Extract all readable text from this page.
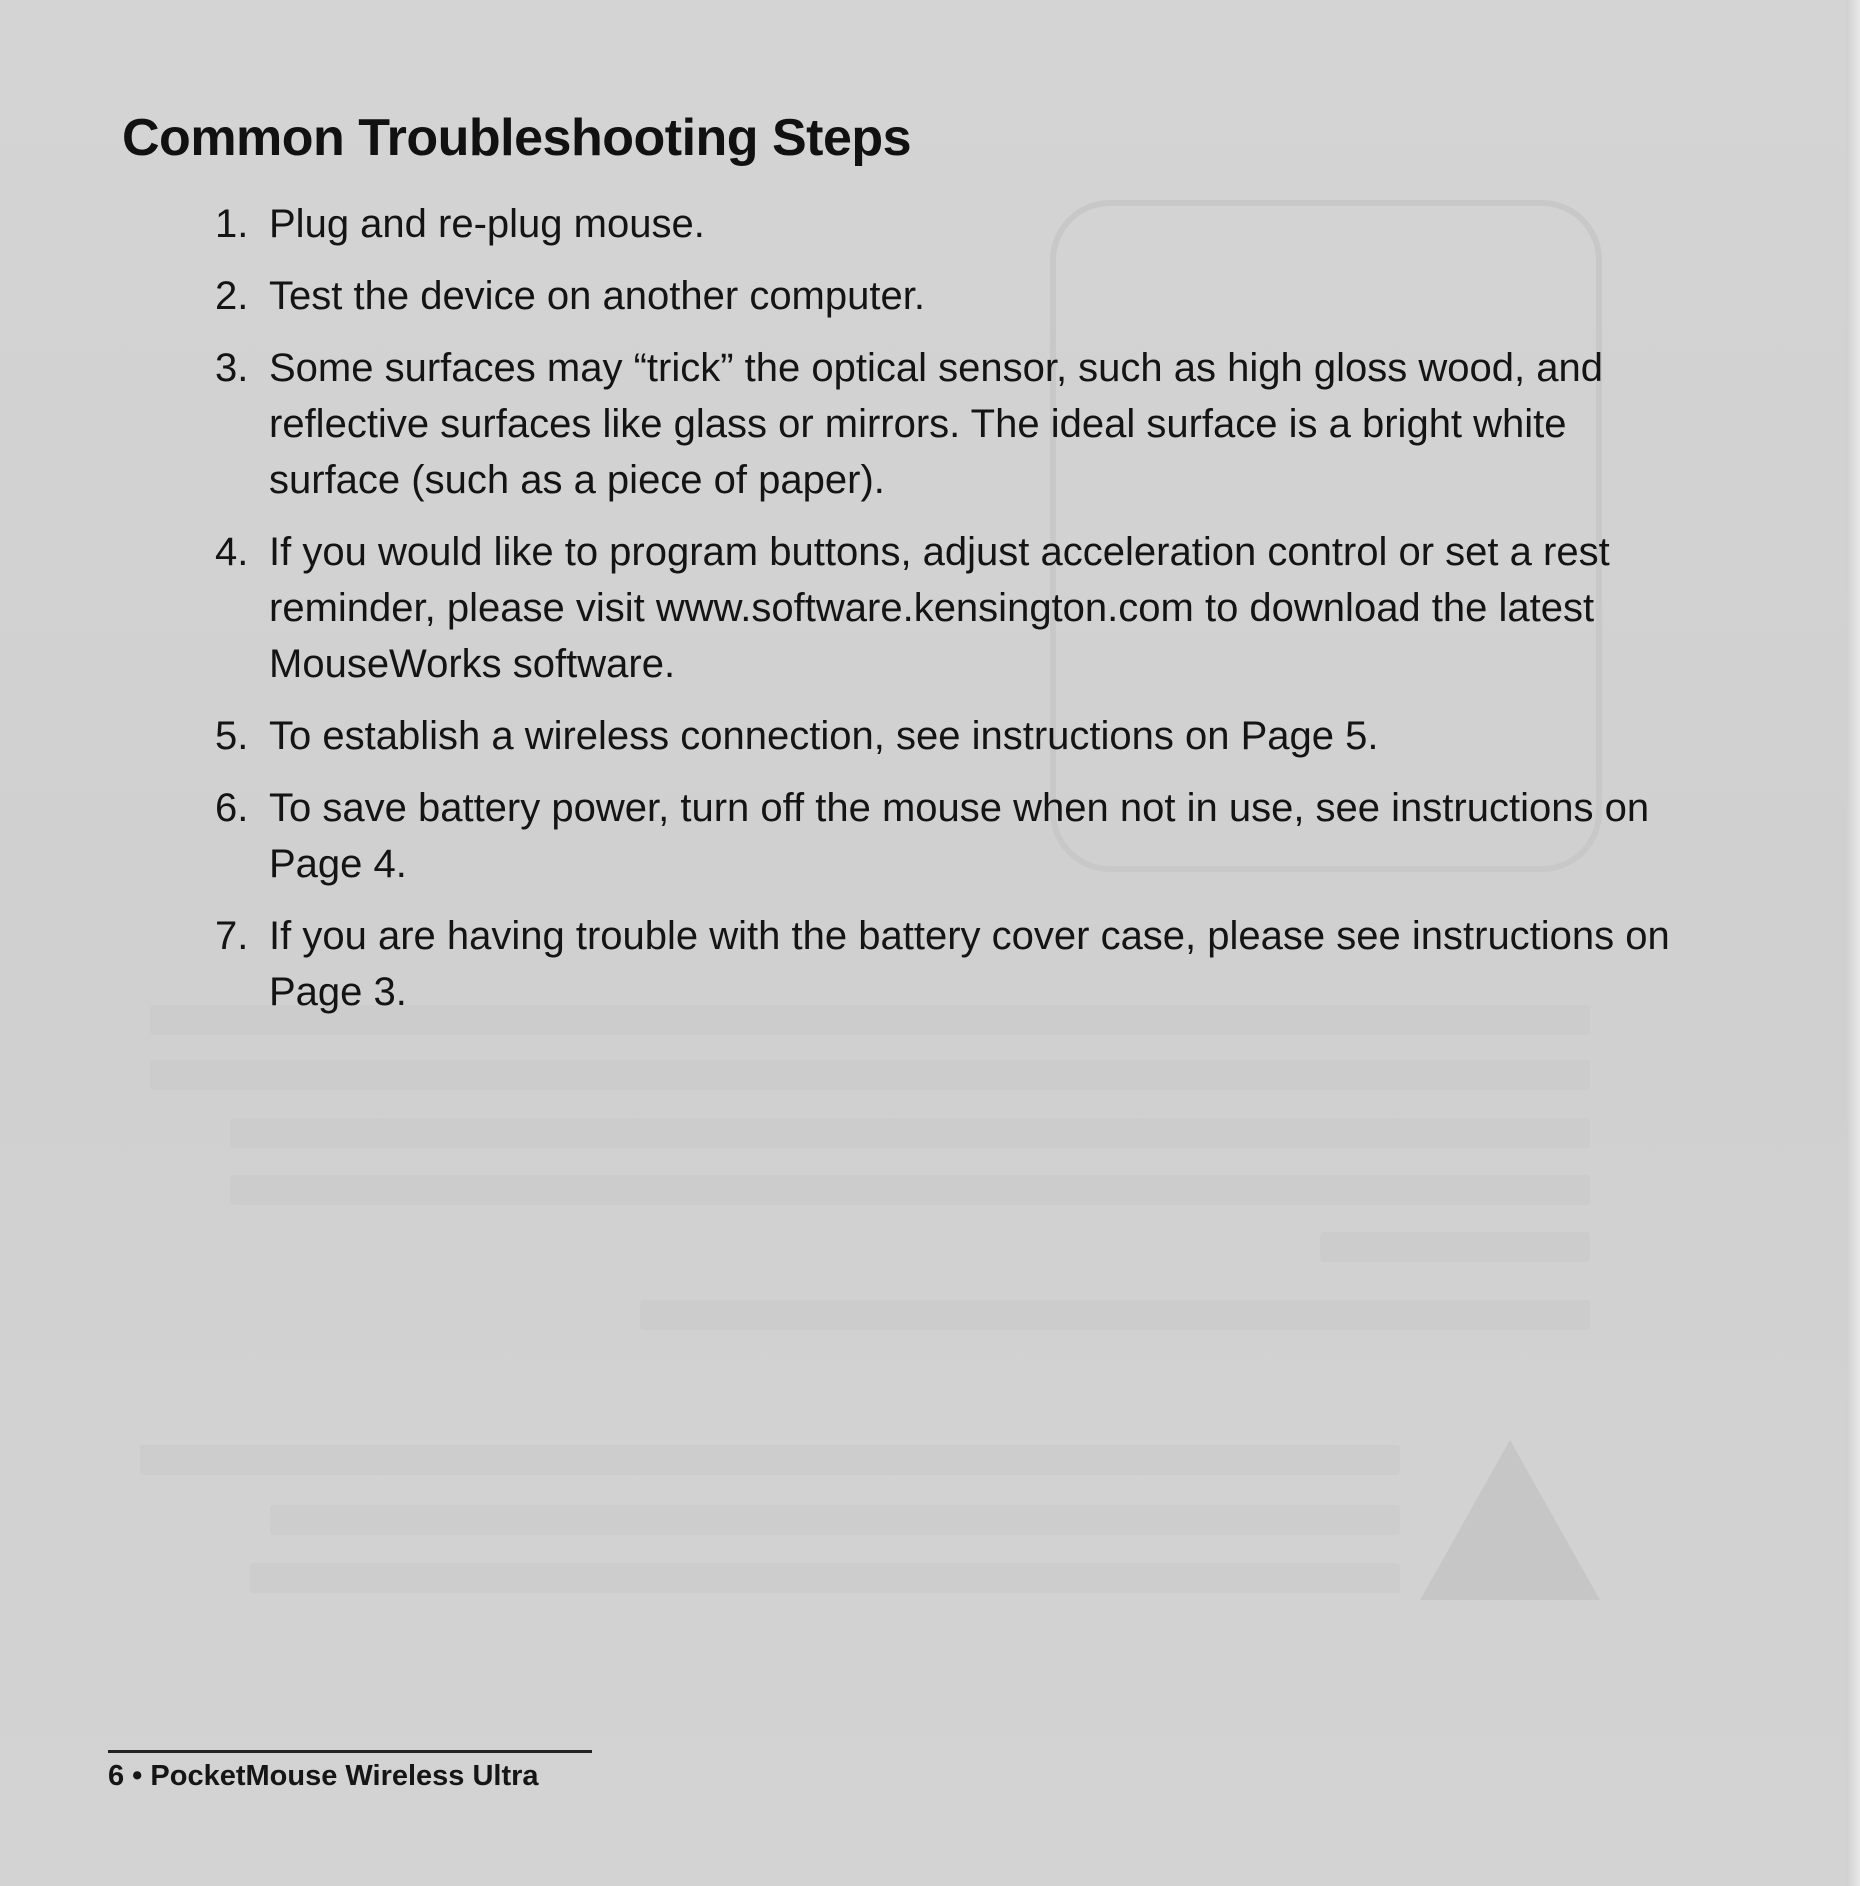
Common Troubleshooting Steps
1. Plug and re-plug mouse.
2. Test the device on another computer.
3. Some surfaces may “trick” the optical sensor, such as high gloss wood, and reflective surfaces like glass or mirrors. The ideal surface is a bright white surface (such as a piece of paper).
4. If you would like to program buttons, adjust acceleration control or set a rest reminder, please visit www.software.kensington.com to download the latest MouseWorks software.
5. To establish a wireless connection, see instructions on Page 5.
6. To save battery power, turn off the mouse when not in use, see instructions on Page 4.
7. If you are having trouble with the battery cover case, please see instructions on Page 3.
6 • PocketMouse Wireless Ultra
